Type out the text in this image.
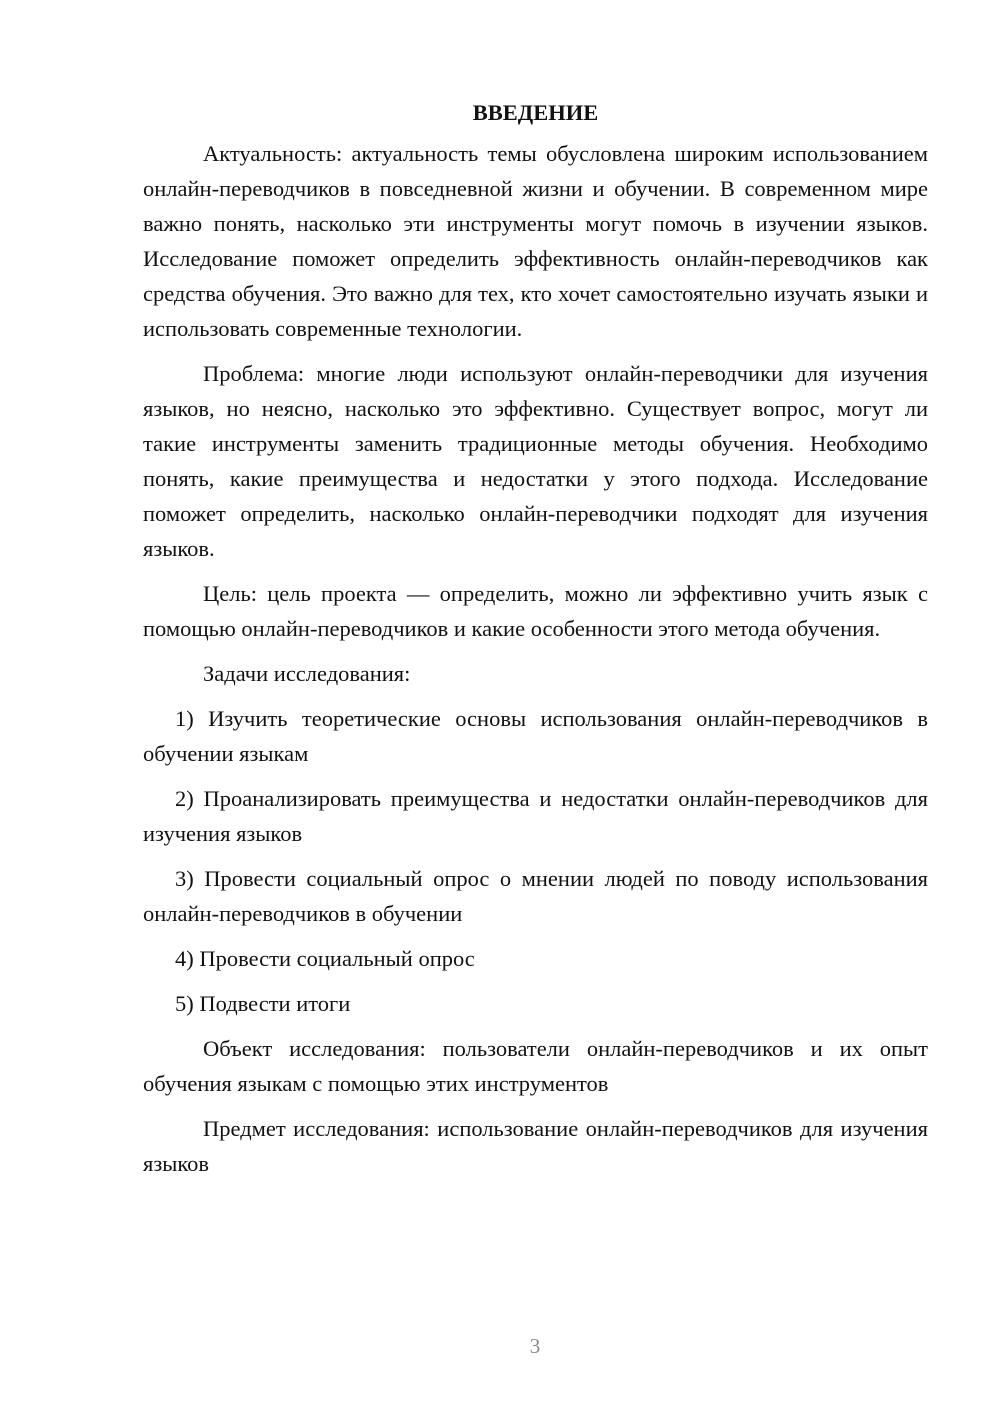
ВВЕДЕНИЕ

Актуальность: актуальность темы обусловлена широким использованием онлайн-переводчиков в повседневной жизни и обучении. В современном мире важно понять, насколько эти инструменты могут помочь в изучении языков. Исследование поможет определить эффективность онлайн-переводчиков как средства обучения. Это важно для тех, кто хочет самостоятельно изучать языки и использовать современные технологии.

Проблема: многие люди используют онлайн-переводчики для изучения языков, но неясно, насколько это эффективно. Существует вопрос, могут ли такие инструменты заменить традиционные методы обучения. Необходимо понять, какие преимущества и недостатки у этого подхода. Исследование поможет определить, насколько онлайн-переводчики подходят для изучения языков.

Цель: цель проекта — определить, можно ли эффективно учить язык с помощью онлайн-переводчиков и какие особенности этого метода обучения.

Задачи исследования:

1) Изучить теоретические основы использования онлайн-переводчиков в обучении языкам

2) Проанализировать преимущества и недостатки онлайн-переводчиков для изучения языков

3) Провести социальный опрос о мнении людей по поводу использования онлайн-переводчиков в обучении

4) Провести социальный опрос

5) Подвести итоги

Объект исследования: пользователи онлайн-переводчиков и их опыт обучения языкам с помощью этих инструментов

Предмет исследования: использование онлайн-переводчиков для изучения языков

3
